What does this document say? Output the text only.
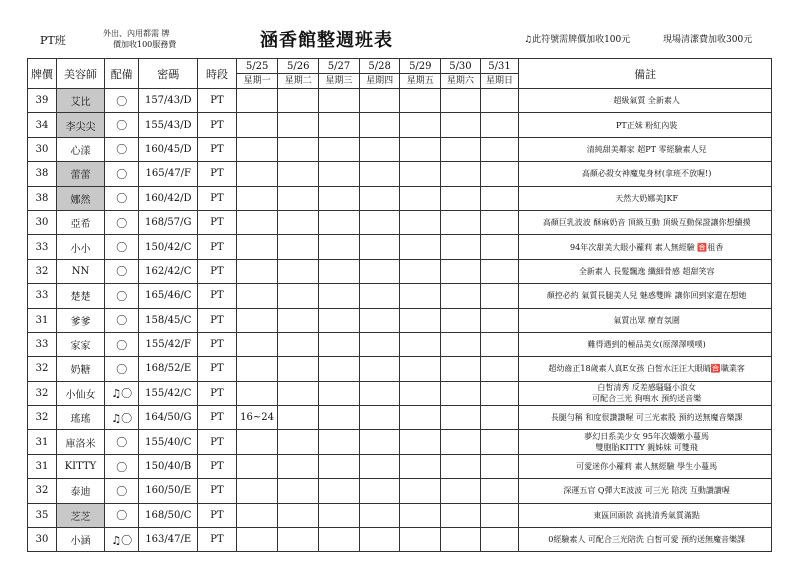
PT班
外出、內用都需 牌
價加收100服務費	涵香館整週班表	♫此符號需牌價加收100元	現場清潔費加收300元
牌價	美容師	配備	密碼	時段	5/25	5/26	5/27	5/28	5/29	5/30	5/31	備註
					星期一	星期二	星期三	星期四	星期五	星期六	星期日	
39	艾比	〇	157/43/D	PT								超級氣質 全新素人
34	李尖尖	〇	155/43/D	PT								PT正妹 粉紅內裝
30	心漾	〇	160/45/D	PT								清純甜美鄰家 超PT 零經驗素人兒
38	蕾蕾	〇	165/47/F	PT								高顏必殺女神魔鬼身材(拿班不放喔!)
38	娜然	〇	160/42/D	PT								天然大奶娜美JKF
30	亞希	〇	168/57/G	PT								高顏巨乳波波 酥麻奶音 頂級互動 頂級互動保證讓你想續摸
33	小小	〇	150/42/C	PT								94年次甜美大眼小蘿莉 素人無經驗 🈴租香
32	NN	〇	162/42/C	PT								全新素人 長髮飄逸 纖細骨感 超甜笑容
33	楚楚	〇	165/46/C	PT								顏控必約 氣質長腿美人兒 魅惑雙眸 讓你回到家還在想她
31	爹爹	〇	158/45/C	PT								氣質出眾 療育氛圍
33	家家	〇	155/42/F	PT								難得遇到的極品美女(原澤澤噗噗)
32	奶糖	〇	168/52/E	PT								超幼齒正18歲素人真E女孩 白皙水汪汪大眼睛🈴職業客
32	小仙女	♫〇	155/42/C	PT								白皙清秀 反差感騷騷小浪女
可配合三光 狗鳴水 預約送音樂
32	瑤瑤	♫〇	164/50/G	PT	16~24							長腿勻稱 和度很讚讚喔 可三光素股 預約送無魔音樂課
31	庫洛米	〇	155/40/C	PT								夢幻日系美少女 95年次嬌嫩小蔓馬
雙胞胎KITTY 親姊妹 可雙飛
31	KITTY	〇	150/40/B	PT								可愛迷你小蘿莉 素人無經驗 學生小蔓馬
32	泰迪	〇	160/50/E	PT								深運五官 Q彈大E波波 可三光 陪洗 互動讚讚喔
35	芝芝	〇	168/50/C	PT								東區回頭款 高挑清秀氣質滿點
30	小涵	♫〇	163/47/E	PT								0經驗素人 可配合三光陪洗 白皙可愛 預約送無魔音樂課
